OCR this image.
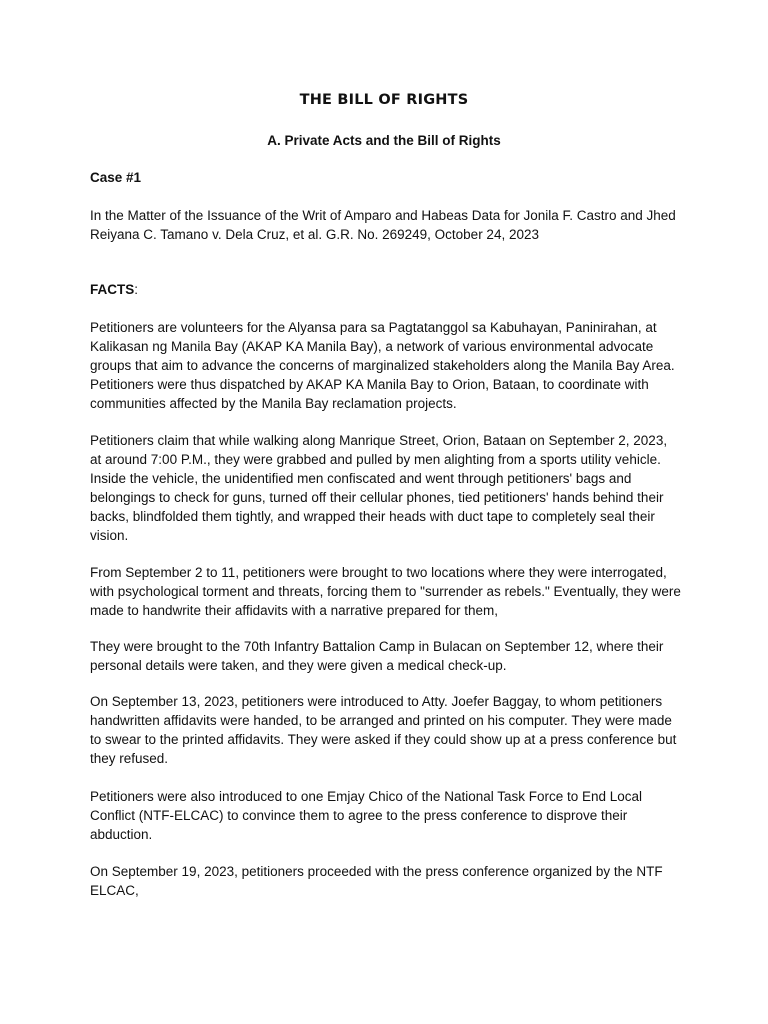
THE BILL OF RIGHTS
A. Private Acts and the Bill of Rights
Case #1

In the Matter of the Issuance of the Writ of Amparo and Habeas Data for Jonila F. Castro and Jhed Reiyana C. Tamano v. Dela Cruz, et al. G.R. No. 269249, October 24, 2023

FACTS:

Petitioners are volunteers for the Alyansa para sa Pagtatanggol sa Kabuhayan, Paninirahan, at Kalikasan ng Manila Bay (AKAP KA Manila Bay), a network of various environmental advocate groups that aim to advance the concerns of marginalized stakeholders along the Manila Bay Area. Petitioners were thus dispatched by AKAP KA Manila Bay to Orion, Bataan, to coordinate with communities affected by the Manila Bay reclamation projects.

Petitioners claim that while walking along Manrique Street, Orion, Bataan on September 2, 2023, at around 7:00 P.M., they were grabbed and pulled by men alighting from a sports utility vehicle. Inside the vehicle, the unidentified men confiscated and went through petitioners' bags and belongings to check for guns, turned off their cellular phones, tied petitioners' hands behind their backs, blindfolded them tightly, and wrapped their heads with duct tape to completely seal their vision.

From September 2 to 11, petitioners were brought to two locations where they were interrogated, with psychological torment and threats, forcing them to "surrender as rebels." Eventually, they were made to handwrite their affidavits with a narrative prepared for them,

They were brought to the 70th Infantry Battalion Camp in Bulacan on September 12, where their personal details were taken, and they were given a medical check-up.

On September 13, 2023, petitioners were introduced to Atty. Joefer Baggay, to whom petitioners handwritten affidavits were handed, to be arranged and printed on his computer. They were made to swear to the printed affidavits. They were asked if they could show up at a press conference but they refused.

Petitioners were also introduced to one Emjay Chico of the National Task Force to End Local Conflict (NTF-ELCAC) to convince them to agree to the press conference to disprove their abduction.

On September 19, 2023, petitioners proceeded with the press conference organized by the NTF ELCAC,
